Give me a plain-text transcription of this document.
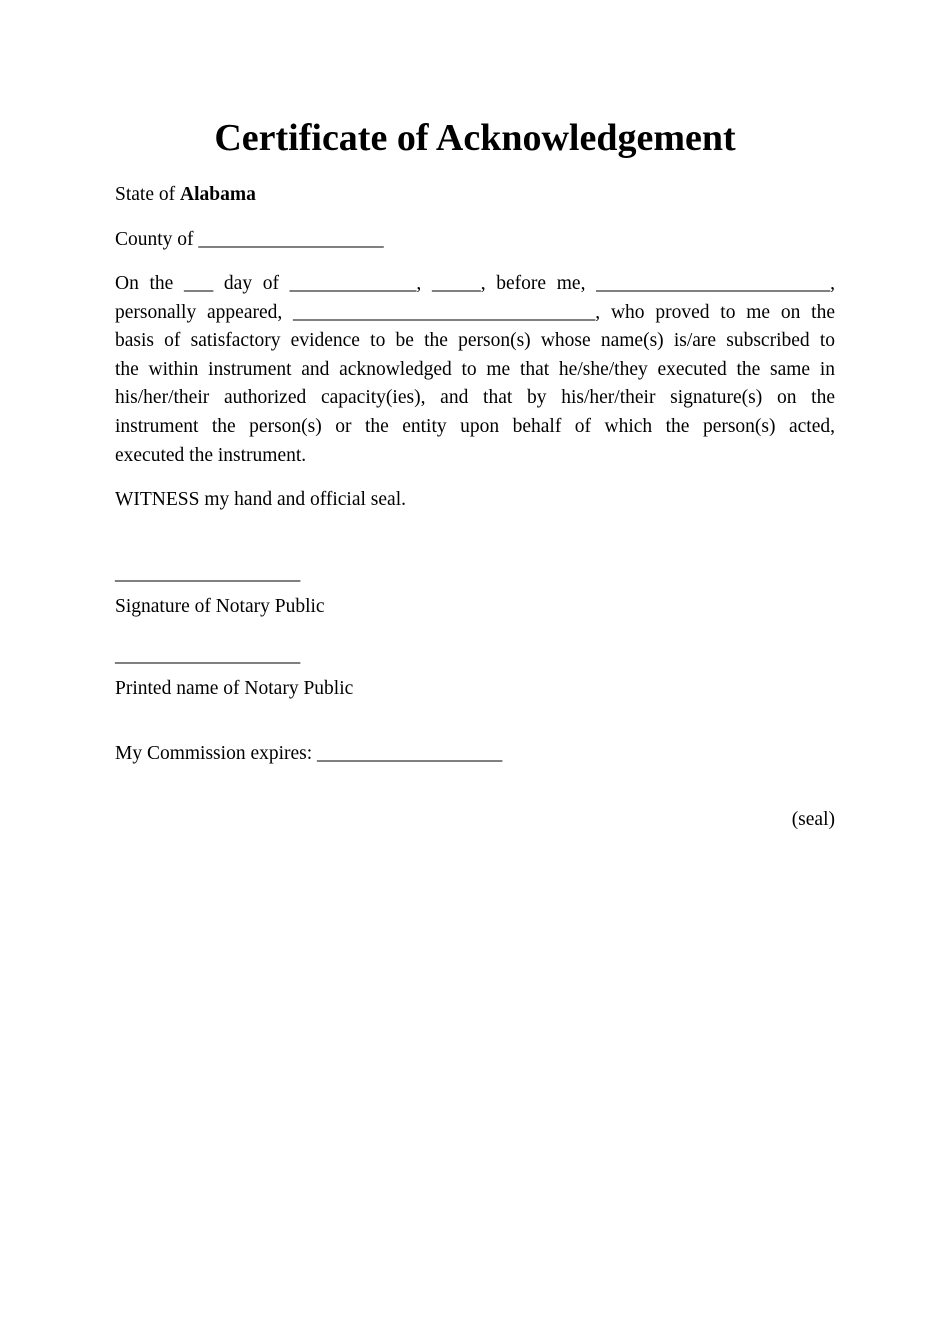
Certificate of Acknowledgement

State of Alabama

County of ___________________

On the ___ day of _____________, _____, before me, ________________________,
personally appeared, _______________________________, who proved to me on the
basis of satisfactory evidence to be the person(s) whose name(s) is/are subscribed to
the within instrument and acknowledged to me that he/she/they executed the same in
his/her/their authorized capacity(ies), and that by his/her/their signature(s) on the
instrument the person(s) or the entity upon behalf of which the person(s) acted,
executed the instrument.

WITNESS my hand and official seal.

___________________

Signature of Notary Public

___________________

Printed name of Notary Public

My Commission expires: ___________________

(seal)
